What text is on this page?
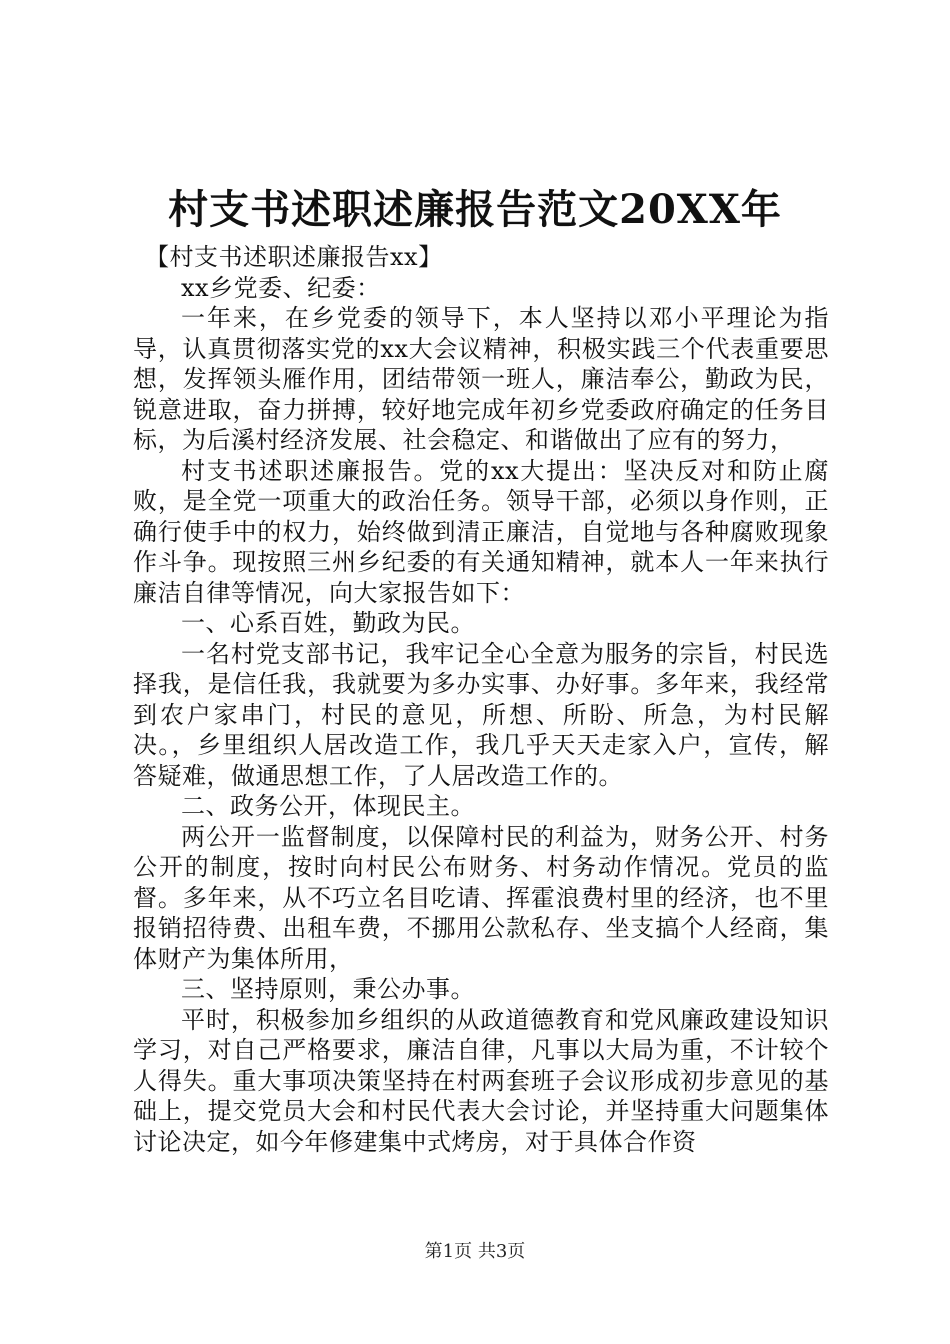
村支书述职述廉报告范文20XX年

【村支书述职述廉报告xx】

xx乡党委、纪委：

一年来，在乡党委的领导下，本人坚持以邓小平理论为指导，认真贯彻落实党的xx大会议精神，积极实践三个代表重要思想，发挥领头雁作用，团结带领一班人，廉洁奉公，勤政为民，锐意进取，奋力拼搏，较好地完成年初乡党委政府确定的任务目标，为后溪村经济发展、社会稳定、和谐做出了应有的努力，

村支书述职述廉报告。党的xx大提出：坚决反对和防止腐败，是全党一项重大的政治任务。领导干部，必须以身作则，正确行使手中的权力，始终做到清正廉洁，自觉地与各种腐败现象作斗争。现按照三州乡纪委的有关通知精神，就本人一年来执行廉洁自律等情况，向大家报告如下：

一、心系百姓，勤政为民。

一名村党支部书记，我牢记全心全意为服务的宗旨，村民选择我，是信任我，我就要为多办实事、办好事。多年来，我经常到农户家串门，村民的意见，所想、所盼、所急，为村民解决。，乡里组织人居改造工作，我几乎天天走家入户，宣传，解答疑难，做通思想工作，了人居改造工作的。

二、政务公开，体现民主。

两公开一监督制度，以保障村民的利益为，财务公开、村务公开的制度，按时向村民公布财务、村务动作情况。党员的监督。多年来，从不巧立名目吃请、挥霍浪费村里的经济，也不里报销招待费、出租车费，不挪用公款私存、坐支搞个人经商，集体财产为集体所用，

三、坚持原则，秉公办事。

平时，积极参加乡组织的从政道德教育和党风廉政建设知识学习，对自己严格要求，廉洁自律，凡事以大局为重，不计较个人得失。重大事项决策坚持在村两套班子会议形成初步意见的基础上，提交党员大会和村民代表大会讨论，并坚持重大问题集体讨论决定，如今年修建集中式烤房，对于具体合作资

第1页 共3页
